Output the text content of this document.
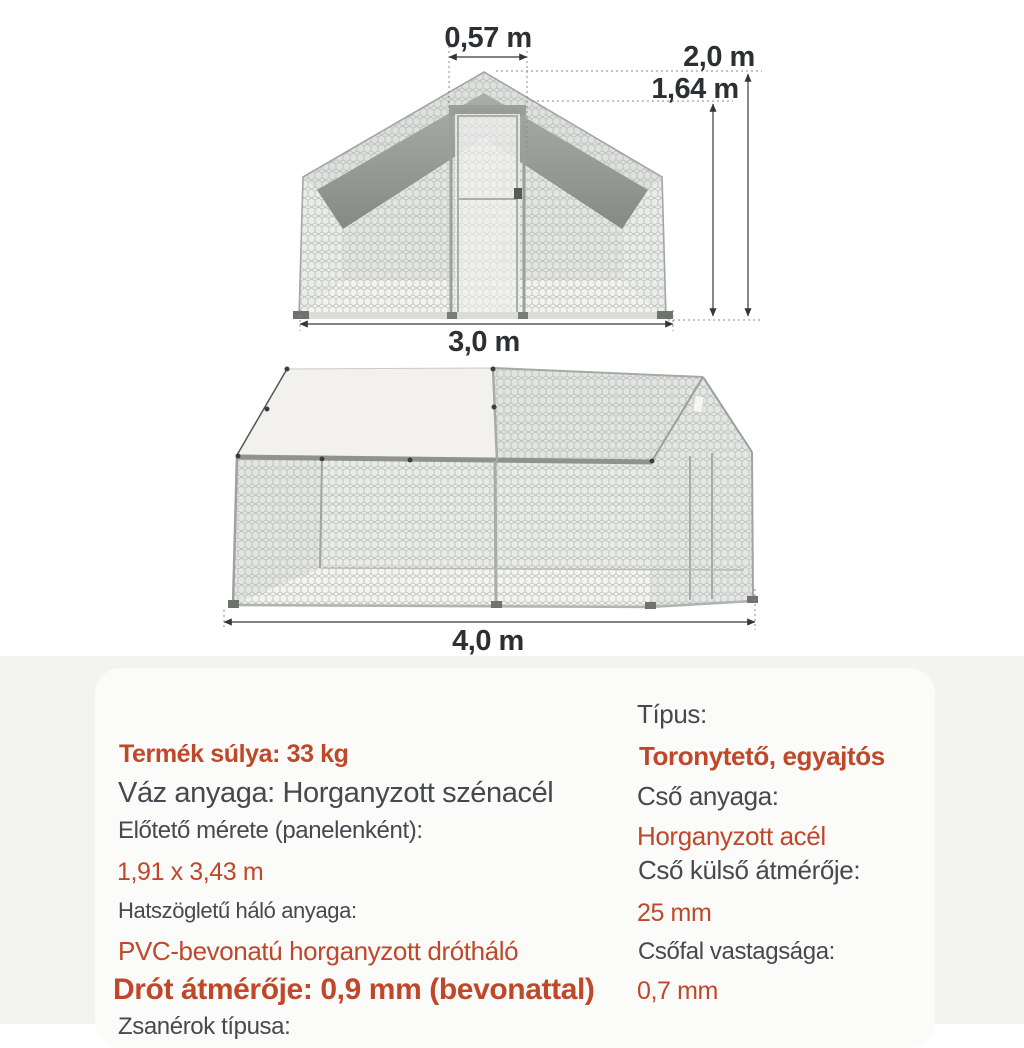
0,57 m
2,0 m
1,64 m
3,0 m
4,0 m
Termék súlya: 33 kg
Váz anyaga: Horganyzott szénacél
Előtető mérete (panelenként):
1,91 x 3,43 m
Hatszögletű háló anyaga:
PVC-bevonatú horganyzott drótháló
Drót átmérője: 0,9 mm (bevonattal)
Zsanérok típusa:
Típus:
Toronytető, egyajtós
Cső anyaga:
Horganyzott acél
Cső külső átmérője:
25 mm
Csőfal vastagsága:
0,7 mm
